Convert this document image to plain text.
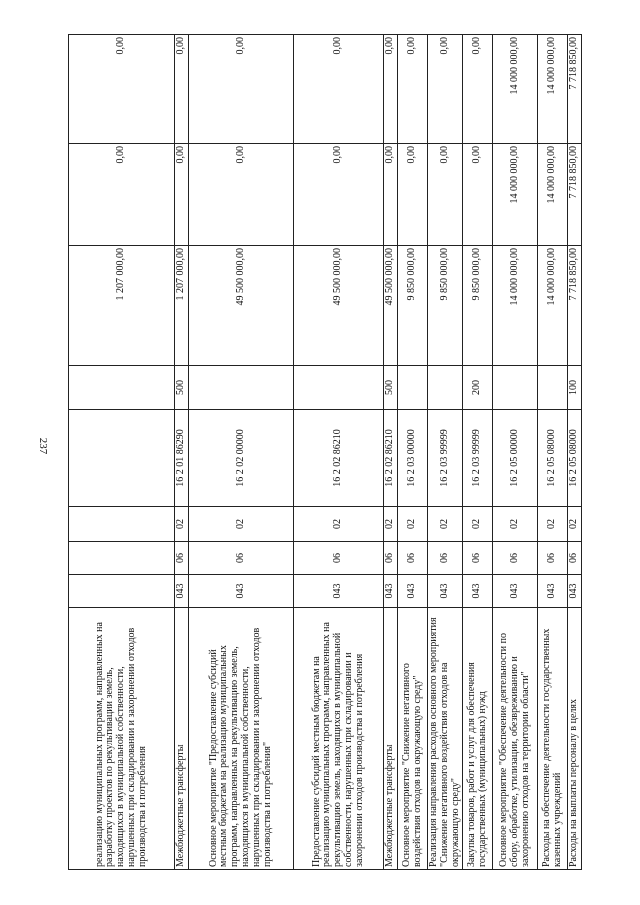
237
реализацию муниципальных программ, направленных на разработку проектов по рекультивации земель, находящихся в муниципальной собственности, нарушенных при складировании и захоронении отходов производства и потребления						1 207 000,00	0,00	0,00
Межбюджетные трансферты	043	06	02	16 2 01 86290	500	1 207 000,00	0,00	0,00
Основное мероприятие "Предоставление субсидий местным бюджетам на реализацию муниципальных программ, направленных на рекультивацию земель, находящихся в муниципальной собственности, нарушенных при складировании и захоронении отходов производства и потребления"	043	06	02	16 2 02 00000		49 500 000,00	0,00	0,00
Предоставление субсидий местным бюджетам на реализацию муниципальных программ, направленных на рекультивацию земель, находящихся в муниципальной собственности, нарушенных при складировании и захоронении отходов производства и потребления	043	06	02	16 2 02 86210		49 500 000,00	0,00	0,00
Межбюджетные трансферты	043	06	02	16 2 02 86210	500	49 500 000,00	0,00	0,00
Основное мероприятие "Снижение негативного воздействия отходов на окружающую среду"	043	06	02	16 2 03 00000		9 850 000,00	0,00	0,00
Реализация направления расходов основного мероприятия "Снижение негативного воздействия отходов на окружающую среду"	043	06	02	16 2 03 99999		9 850 000,00	0,00	0,00
Закупка товаров, работ и услуг для обеспечения государственных (муниципальных) нужд	043	06	02	16 2 03 99999	200	9 850 000,00	0,00	0,00
Основное мероприятие "Обеспечение деятельности по сбору, обработке, утилизации, обезвреживанию и захоронению отходов на территории области"	043	06	02	16 2 05 00000		14 000 000,00	14 000 000,00	14 000 000,00
Расходы на обеспечение деятельности государственных казенных учреждений	043	06	02	16 2 05 08000		14 000 000,00	14 000 000,00	14 000 000,00
Расходы на выплаты персоналу в целях	043	06	02	16 2 05 08000	100	7 718 850,00	7 718 850,00	7 718 850,00
